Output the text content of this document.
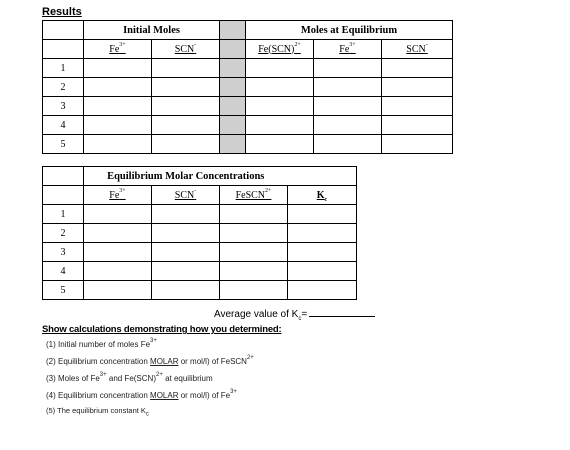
Results
	Initial Moles			Moles at Equilibrium		
	$Fe^{3+}$	SCN-		Fe(SCN)$^{2+}$	$Fe^{3+}$	SCN-
1						
2						
3						
4						
5						
	Equilibrium Molar Concentrations			
	$Fe^{3+}$	SCN-	FeSCN$^{2+}$	$K_c$
1				
2				
3				
4				
5				
Average value of $K_c=$
Show calculations demonstrating how you determined:
(1) Initial number of moles $Fe^{3+}$
(2) Equilibrium concentration MOLAR or mol/l) of FeSCN$^{2+}$
(3) Moles of $Fe^{3+}$ and Fe(SCN)$^{2+}$ at equilibrium
(4) Equilibrium concentration MOLAR or mol/l) of $Fe^{3+}$
(5) The equilibrium constant $K_c$
